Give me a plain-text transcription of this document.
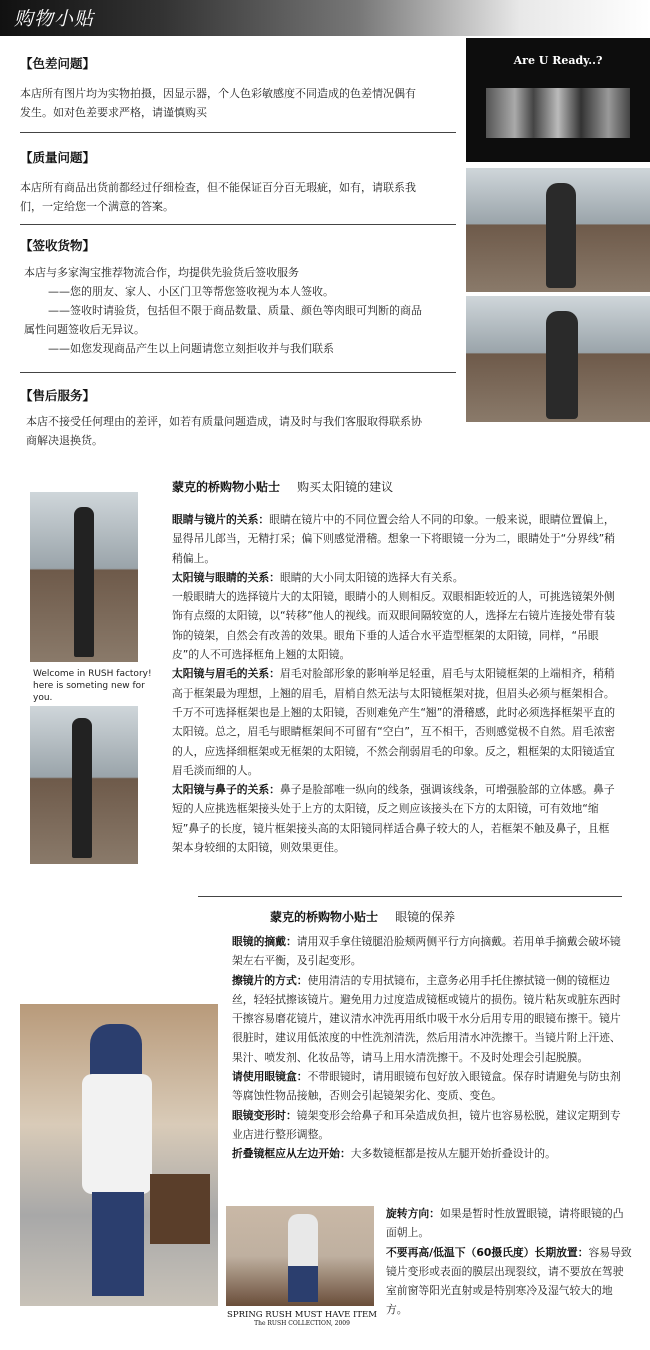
购物小贴
【色差问题】

本店所有图片均为实物拍摄，因显示器，个人色彩敏感度不同造成的色差情况偶有

发生。如对色差要求严格，请谨慎购买

【质量问题】

本店所有商品出货前都经过仔细检查，但不能保证百分百无瑕疵，如有，请联系我

们，一定给您一个满意的答案。

【签收货物】

本店与多家淘宝推荐物流合作，均提供先验货后签收服务

——您的朋友、家人、小区门卫等帮您签收视为本人签收。

——签收时请验货，包括但不限于商品数量、质量、颜色等肉眼可判断的商品

属性问题签收后无异议。

——如您发现商品产生以上问题请您立刻拒收并与我们联系

【售后服务】

本店不接受任何理由的差评，如若有质量问题造成，请及时与我们客服取得联系协

商解决退换货。

Are U Ready..?

Welcome in RUSH factory!

here is someting new for you.

蒙克的桥购物小贴士 购买太阳镜的建议

眼睛与镜片的关系：眼睛在镜片中的不同位置会给人不同的印象。一般来说，眼睛位置偏上，显得吊儿郎当，无精打采；偏下则感觉滑稽。想象一下将眼镜一分为二，眼睛处于“分界线”稍稍偏上。

太阳镜与眼睛的关系：眼睛的大小同太阳镜的选择大有关系。

一般眼睛大的选择镜片大的太阳镜，眼睛小的人则相反。双眼相距较近的人，可挑选镜架外侧饰有点缀的太阳镜，以“转移”他人的视线。而双眼间隔较宽的人，选择左右镜片连接处带有装饰的镜架，自然会有改善的效果。眼角下垂的人适合水平造型框架的太阳镜，同样，“吊眼皮”的人不可选择框角上翘的太阳镜。

太阳镜与眉毛的关系：眉毛对脸部形象的影响举足轻重，眉毛与太阳镜框架的上端相齐，稍稍高于框架最为理想，上翘的眉毛，眉梢自然无法与太阳镜框架对拢，但眉头必须与框架相合。千万不可选择框架也是上翘的太阳镜，否则难免产生“翘”的滑稽感，此时必须选择框架平直的太阳镜。总之，眉毛与眼睛框架间不可留有“空白”，互不相干，否则感觉极不自然。眉毛浓密的人，应选择细框架或无框架的太阳镜，不然会削弱眉毛的印象。反之，粗框架的太阳镜适宜眉毛淡而细的人。

太阳镜与鼻子的关系：鼻子是脸部唯一纵向的线条，强调该线条，可增强脸部的立体感。鼻子短的人应挑选框架接头处于上方的太阳镜，反之则应该接头在下方的太阳镜，可有效地“缩短”鼻子的长度，镜片框架接头高的太阳镜同样适合鼻子较大的人，若框架不触及鼻子，且框架本身较细的太阳镜，则效果更佳。

蒙克的桥购物小贴士 眼镜的保养

眼镜的摘戴：请用双手拿住镜腿沿脸颊两侧平行方向摘戴。若用单手摘戴会破坏镜架左右平衡，及引起变形。

擦镜片的方式：使用清洁的专用拭镜布，主意务必用手托住擦拭镜一侧的镜框边丝，轻轻拭擦该镜片。避免用力过度造成镜框或镜片的损伤。镜片粘灰或脏东西时干擦容易磨花镜片，建议清水冲洗再用纸巾吸干水分后用专用的眼镜布擦干。镜片很脏时，建议用低浓度的中性洗剂清洗，然后用清水冲洗擦干。当镜片附上汗迹、果汁、喷发剂、化妆品等，请马上用水清洗擦干。不及时处理会引起脱膜。

请使用眼镜盒：不带眼镜时，请用眼镜布包好放入眼镜盒。保存时请避免与防虫剂等腐蚀性物品接触，否则会引起镜架劣化、变质、变色。

眼镜变形时：镜架变形会给鼻子和耳朵造成负担，镜片也容易松脱，建议定期到专业店进行整形调整。

折叠镜框应从左边开始：大多数镜框都是按从左腿开始折叠设计的。

旋转方向：如果是暂时性放置眼镜，请将眼镜的凸面朝上。

不要再高/低温下（60摄氏度）长期放置：容易导致镜片变形或表面的膜层出现裂纹，请不要放在驾驶室前窗等阳光直射或是特别寒冷及湿气较大的地方。

SPRING RUSH MUST HAVE ITEM

The RUSH COLLECTION, 2009
